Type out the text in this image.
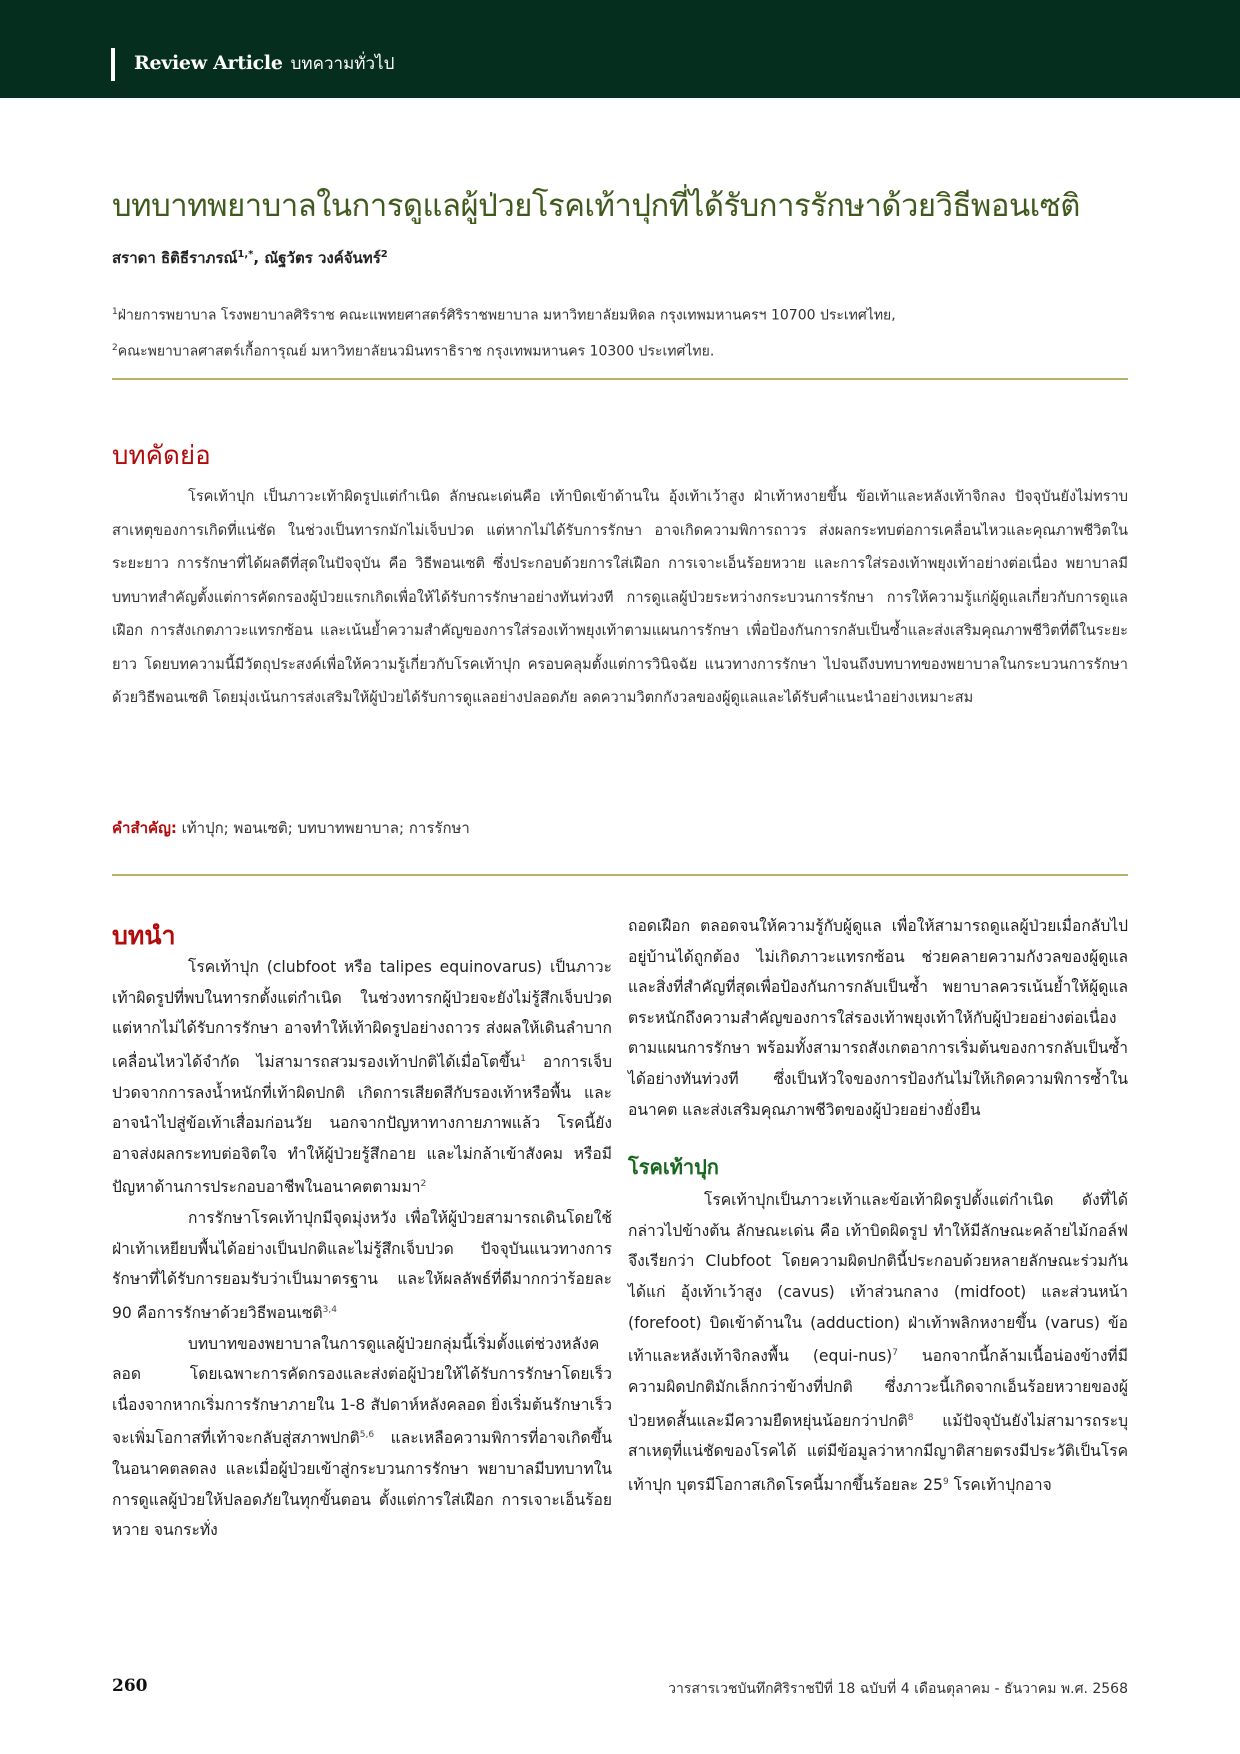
Review Article บทความทั่วไป
บทบาทพยาบาลในการดูแลผู้ป่วยโรคเท้าปุกที่ได้รับการรักษาด้วยวิธีพอนเซติ
สราดา ธิติธีราภรณ์$^{1,*}$, ณัฐวัตร วงค์จันทร์$^2$
$^1$ฝ่ายการพยาบาล โรงพยาบาลศิริราช คณะแพทยศาสตร์ศิริราชพยาบาล มหาวิทยาลัยมหิดล กรุงเทพมหานครฯ 10700 ประเทศไทย,
$^2$คณะพยาบาลศาสตร์เกื้อการุณย์ มหาวิทยาลัยนวมินทราธิราช กรุงเทพมหานคร 10300 ประเทศไทย.
บทคัดย่อ
โรคเท้าปุก เป็นภาวะเท้าผิดรูปแต่กำเนิด ลักษณะเด่นคือ เท้าบิดเข้าด้านใน อุ้งเท้าเว้าสูง ฝ่าเท้าหงายขึ้น ข้อเท้าและหลังเท้าจิกลง ปัจจุบันยังไม่ทราบสาเหตุของการเกิดที่แน่ชัด ในช่วงเป็นทารกมักไม่เจ็บปวด แต่หากไม่ได้รับการรักษา อาจเกิดความพิการถาวร ส่งผลกระทบต่อการเคลื่อนไหวและคุณภาพชีวิตในระยะยาว การรักษาที่ได้ผลดีที่สุดในปัจจุบัน คือ วิธีพอนเซติ ซึ่งประกอบด้วยการใส่เฝือก การเจาะเอ็นร้อยหวาย และการใส่รองเท้าพยุงเท้าอย่างต่อเนื่อง พยาบาลมีบทบาทสำคัญตั้งแต่การคัดกรองผู้ป่วยแรกเกิดเพื่อให้ได้รับการรักษาอย่างทันท่วงที การดูแลผู้ป่วยระหว่างกระบวนการรักษา การให้ความรู้แก่ผู้ดูแลเกี่ยวกับการดูแลเฝือก การสังเกตภาวะแทรกซ้อน และเน้นย้ำความสำคัญของการใส่รองเท้าพยุงเท้าตามแผนการรักษา เพื่อป้องกันการกลับเป็นซ้ำและส่งเสริมคุณภาพชีวิตที่ดีในระยะยาว โดยบทความนี้มีวัตถุประสงค์เพื่อให้ความรู้เกี่ยวกับโรคเท้าปุก ครอบคลุมตั้งแต่การวินิจฉัย แนวทางการรักษา ไปจนถึงบทบาทของพยาบาลในกระบวนการรักษาด้วยวิธีพอนเซติ โดยมุ่งเน้นการส่งเสริมให้ผู้ป่วยได้รับการดูแลอย่างปลอดภัย ลดความวิตกกังวลของผู้ดูแลและได้รับคำแนะนำอย่างเหมาะสม
คำสำคัญ: เท้าปุก; พอนเซติ; บทบาทพยาบาล; การรักษา
บทนำ

โรคเท้าปุก (clubfoot หรือ talipes equinovarus) เป็นภาวะเท้าผิดรูปที่พบในทารกตั้งแต่กำเนิด ในช่วงทารกผู้ป่วยจะยังไม่รู้สึกเจ็บปวด แต่หากไม่ได้รับการรักษา อาจทำให้เท้าผิดรูปอย่างถาวร ส่งผลให้เดินลำบาก เคลื่อนไหวได้จำกัด ไม่สามารถสวมรองเท้าปกติได้เมื่อโตขึ้น$^1$ อาการเจ็บปวดจากการลงน้ำหนักที่เท้าผิดปกติ เกิดการเสียดสีกับรองเท้าหรือพื้น และอาจนำไปสู่ข้อเท้าเสื่อมก่อนวัย นอกจากปัญหาทางกายภาพแล้ว โรคนี้ยังอาจส่งผลกระทบต่อจิตใจ ทำให้ผู้ป่วยรู้สึกอาย และไม่กล้าเข้าสังคม หรือมีปัญหาด้านการประกอบอาชีพในอนาคตตามมา$^2$

การรักษาโรคเท้าปุกมีจุดมุ่งหวัง เพื่อให้ผู้ป่วยสามารถเดินโดยใช้ฝ่าเท้าเหยียบพื้นได้อย่างเป็นปกติและไม่รู้สึกเจ็บปวด ปัจจุบันแนวทางการรักษาที่ได้รับการยอมรับว่าเป็นมาตรฐาน และให้ผลลัพธ์ที่ดีมากกว่าร้อยละ 90 คือการรักษาด้วยวิธีพอนเซติ$^{3,4}$

บทบาทของพยาบาลในการดูแลผู้ป่วยกลุ่มนี้เริ่มตั้งแต่ช่วงหลังคลอด โดยเฉพาะการคัดกรองและส่งต่อผู้ป่วยให้ได้รับการรักษาโดยเร็ว เนื่องจากหากเริ่มการรักษาภายใน 1-8 สัปดาห์หลังคลอด ยิ่งเริ่มต้นรักษาเร็วจะเพิ่มโอกาสที่เท้าจะกลับสู่สภาพปกติ$^{5,6}$ และเหลือความพิการที่อาจเกิดขึ้นในอนาคตลดลง และเมื่อผู้ป่วยเข้าสู่กระบวนการรักษา พยาบาลมีบทบาทในการดูแลผู้ป่วยให้ปลอดภัยในทุกขั้นตอน ตั้งแต่การใส่เฝือก การเจาะเอ็นร้อยหวาย จนกระทั่ง

ถอดเฝือก ตลอดจนให้ความรู้กับผู้ดูแล เพื่อให้สามารถดูแลผู้ป่วยเมื่อกลับไปอยู่บ้านได้ถูกต้อง ไม่เกิดภาวะแทรกซ้อน ช่วยคลายความกังวลของผู้ดูแล และสิ่งที่สำคัญที่สุดเพื่อป้องกันการกลับเป็นซ้ำ พยาบาลควรเน้นย้ำให้ผู้ดูแลตระหนักถึงความสำคัญของการใส่รองเท้าพยุงเท้าให้กับผู้ป่วยอย่างต่อเนื่องตามแผนการรักษา พร้อมทั้งสามารถสังเกตอาการเริ่มต้นของการกลับเป็นซ้ำได้อย่างทันท่วงที ซึ่งเป็นหัวใจของการป้องกันไม่ให้เกิดความพิการซ้ำในอนาคต และส่งเสริมคุณภาพชีวิตของผู้ป่วยอย่างยั่งยืน

โรคเท้าปุก

โรคเท้าปุกเป็นภาวะเท้าและข้อเท้าผิดรูปตั้งแต่กำเนิด ดังที่ได้กล่าวไปข้างต้น ลักษณะเด่น คือ เท้าบิดผิดรูป ทำให้มีลักษณะคล้ายไม้กอล์ฟ จึงเรียกว่า Clubfoot โดยความผิดปกตินี้ประกอบด้วยหลายลักษณะร่วมกัน ได้แก่ อุ้งเท้าเว้าสูง (cavus) เท้าส่วนกลาง (midfoot) และส่วนหน้า (forefoot) บิดเข้าด้านใน (adduction) ฝ่าเท้าพลิกหงายขึ้น (varus) ข้อเท้าและหลังเท้าจิกลงพื้น (equi-nus)$^7$ นอกจากนี้กล้ามเนื้อน่องข้างที่มีความผิดปกติมักเล็กกว่าข้างที่ปกติ ซึ่งภาวะนี้เกิดจากเอ็นร้อยหวายของผู้ป่วยหดสั้นและมีความยืดหยุ่นน้อยกว่าปกติ$^8$ แม้ปัจจุบันยังไม่สามารถระบุสาเหตุที่แน่ชัดของโรคได้ แต่มีข้อมูลว่าหากมีญาติสายตรงมีประวัติเป็นโรคเท้าปุก บุตรมีโอกาสเกิดโรคนี้มากขึ้นร้อยละ 25$^9$ โรคเท้าปุกอาจ

260	วารสารเวชบันทึกศิริราชปีที่ 18 ฉบับที่ 4 เดือนตุลาคม - ธันวาคม พ.ศ. 2568
